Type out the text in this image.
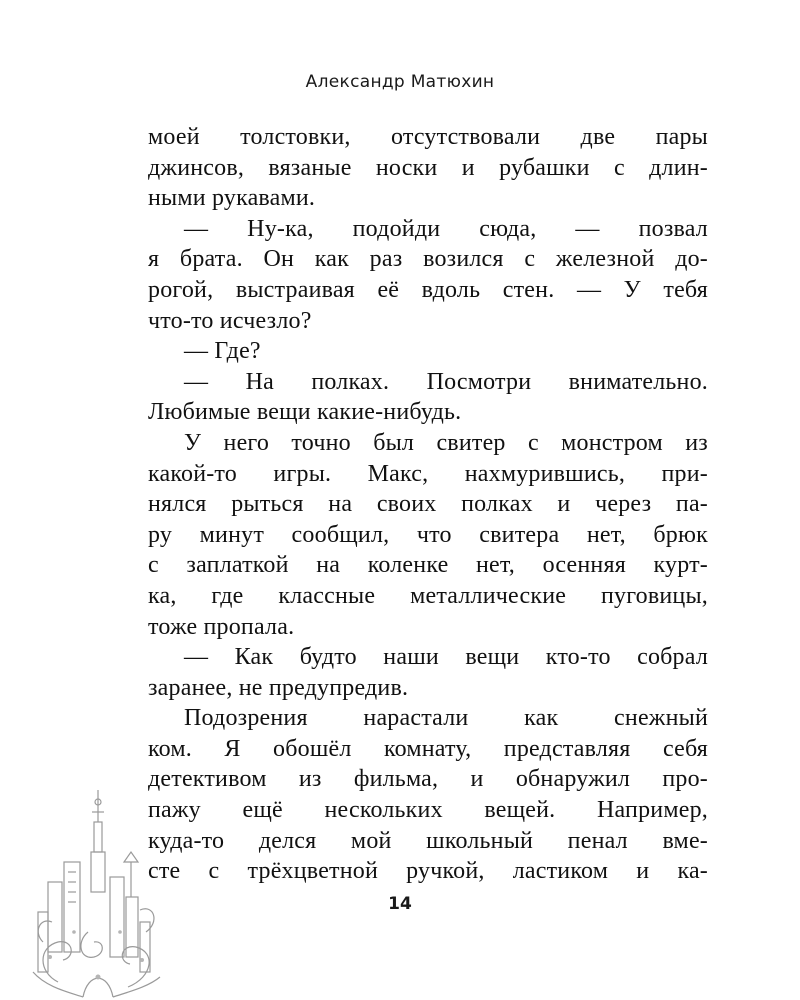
Александр Матюхин
моей толстовки, отсутствовали две пары
джинсов, вязаные носки и рубашки с длин-
ными рукавами.
— Ну-ка, подойди сюда, — позвал
я брата. Он как раз возился с железной до-
рогой, выстраивая её вдоль стен. — У тебя
что-то исчезло?
— Где?
— На полках. Посмотри внимательно.
Любимые вещи какие-нибудь.
У него точно был свитер с монстром из
какой-то игры. Макс, нахмурившись, при-
нялся рыться на своих полках и через па-
ру минут сообщил, что свитера нет, брюк
с заплаткой на коленке нет, осенняя курт-
ка, где классные металлические пуговицы,
тоже пропала.
— Как будто наши вещи кто-то собрал
заранее, не предупредив.
Подозрения нарастали как снежный
ком. Я обошёл комнату, представляя себя
детективом из фильма, и обнаружил про-
пажу ещё нескольких вещей. Например,
куда-то делся мой школьный пенал вме-
сте с трёхцветной ручкой, ластиком и ка-
14
